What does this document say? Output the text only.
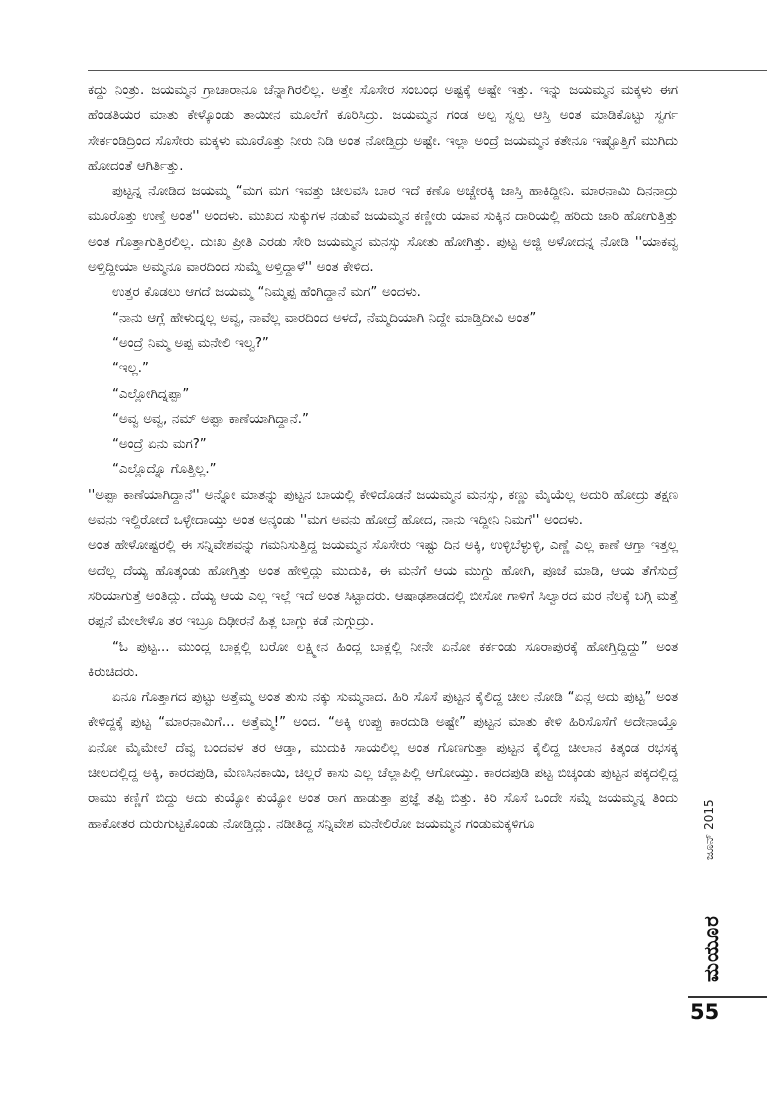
ಕದ್ದು ನಿಂತ್ರು. ಜಯಮ್ಮನ ಗ್ರಾಚಾರಾನೂ ಚೆನ್ನಾಗಿರಲಿಲ್ಲ. ಅತ್ತೇ ಸೊಸೇರ ಸಂಬಂಧ ಅಷ್ಟಕ್ಕೆ ಅಷ್ಟೇ ಇತ್ತು. ಇನ್ನು ಜಯಮ್ಮನ ಮಕ್ಕಳು ಈಗ ಹೆಂಡತಿಯರ ಮಾತು ಕೇಳ್ಕೊಂಡು ತಾಯೀನ ಮೂಲೆಗೆ ಕೂರಿಸಿದ್ರು. ಜಯಮ್ಮನ ಗಂಡ ಅಲ್ಪ ಸ್ವಲ್ಪ ಆಸ್ತಿ ಅಂತ ಮಾಡಿಕೊಟ್ಟು ಸ್ವರ್ಗ ಸೇರ್ಕಂಡಿದ್ರಿಂದ ಸೊಸೇರು ಮಕ್ಕಳು ಮೂರೊತ್ತು ನೀರು ನಿಡಿ ಅಂತ ನೋಡ್ತಿದ್ರು ಅಷ್ಟೇ. ಇಲ್ಲಾ ಅಂದ್ರೆ ಜಯಮ್ಮನ ಕತೇನೂ ಇಷ್ಟೊತ್ತಿಗೆ ಮುಗಿದು ಹೋದಂತೆ ಆಗಿರ್ತಿತ್ತು.

ಪುಟ್ಟನ್ನ ನೋಡಿದ ಜಯಮ್ಮ “ಮಗ ಮಗ ಇವತ್ತು ಚೀಲವಸಿ ಬಾರ ಇದೆ ಕಣೊ ಅಚ್ಚೇರಕ್ಕಿ ಜಾಸ್ತಿ ಹಾಕಿದ್ದೀನಿ. ಮಾರನಾಮಿ ದಿನನಾದ್ರು ಮೂರೊತ್ತು ಉಣ್ತೆ ಅಂತ'' ಅಂದಳು. ಮುಖದ ಸುಕ್ಕುಗಳ ನಡುವೆ ಜಯಮ್ಮನ ಕಣ್ಣೀರು ಯಾವ ಸುಕ್ಕಿನ ದಾರಿಯಲ್ಲಿ ಹರಿದು ಜಾರಿ ಹೋಗುತ್ತಿತ್ತು ಅಂತ ಗೊತ್ತಾಗುತ್ತಿರಲಿಲ್ಲ. ದುಃಖ ಪ್ರೀತಿ ಎರಡು ಸೇರಿ ಜಯಮ್ಮನ ಮನಸ್ಸು ಸೋತು ಹೋಗಿತ್ತು. ಪುಟ್ಟ ಅಜ್ಜಿ ಅಳೋದನ್ನ ನೋಡಿ ''ಯಾಕವ್ವ ಅಳ್ತಿದ್ದೀಯಾ ಅಮ್ಮನೂ ವಾರದಿಂದ ಸುಮ್ಮೆ ಅಳ್ತಿದ್ದಾಳೆ'' ಅಂತ ಕೇಳಿದ.

ಉತ್ತರ ಕೊಡಲು ಆಗದೆ ಜಯಮ್ಮ “ನಿಮ್ಮಪ್ಪ ಹೆಂಗಿದ್ದಾನೆ ಮಗ” ಅಂದಳು.

“ನಾನು ಆಗ್ಲೆ ಹೇಳುದ್ನಲ್ಲ ಅವ್ವ, ನಾವೆಲ್ಲ ವಾರದಿಂದ ಅಳದೆ, ನೆಮ್ಮದಿಯಾಗಿ ನಿದ್ದೇ ಮಾಡ್ತಿದೀವಿ ಅಂತ”

“ಅಂದ್ರೆ ನಿಮ್ಮ ಅಪ್ಪ ಮನೇಲಿ ಇಲ್ವ?”

“ಇಲ್ಲ.”

“ಎಲ್ಲೋಗಿದ್ನಪ್ಪಾ”

“ಅವ್ವ ಅವ್ವ, ನಮ್ ಅಪ್ಪಾ ಕಾಣೆಯಾಗಿದ್ದಾನೆ.”

“ಅಂದ್ರೆ ಏನು ಮಗ?”

“ಎಲ್ಲೊದ್ನೊ ಗೊತ್ತಿಲ್ಲ.”

''ಅಪ್ಪಾ ಕಾಣೆಯಾಗಿದ್ದಾನೆ'' ಅನ್ನೋ ಮಾತನ್ನು ಪುಟ್ಟನ ಬಾಯಲ್ಲಿ ಕೇಳಿದೊಡನೆ ಜಯಮ್ಮನ ಮನಸ್ಸು, ಕಣ್ಣು ಮೈಯೆಲ್ಲ ಅದುರಿ ಹೋದ್ರು ತಕ್ಷಣ ಅವನು ಇಲ್ದಿರೋದೆ ಒಳ್ಳೇದಾಯ್ತು ಅಂತ ಅನ್ಕಂಡು ''ಮಗ ಅವನು ಹೋದ್ರೆ ಹೋದ, ನಾನು ಇದ್ದೀನಿ ನಿಮಗೆ'' ಅಂದಳು.

ಅಂತ ಹೇಳೋಷ್ಟರಲ್ಲಿ ಈ ಸನ್ನಿವೇಶವನ್ನು ಗಮನಿಸುತ್ತಿದ್ದ ಜಯಮ್ಮನ ಸೊಸೇರು ಇಷ್ಟು ದಿನ ಅಕ್ಕಿ, ಉಳ್ಳಿಬೆಳ್ಳುಳ್ಳಿ, ಎಣ್ಣೆ ಎಲ್ಲ ಕಾಣೆ ಆಗ್ತಾ ಇತ್ತಲ್ಲ ಅದೆಲ್ಲ ದೆಯ್ಯ ಹೊತ್ಕಂಡು ಹೋಗ್ತಿತ್ತು ಅಂತ ಹೇಳ್ತಿದ್ಲು ಮುದುಕಿ, ಈ ಮನೆಗೆ ಆಯ ಮುಗ್ದು ಹೋಗಿ, ಪೂಜೆ ಮಾಡಿ, ಆಯ ತೆಗೆಸುದ್ರೆ ಸರಿಯಾಗುತ್ತೆ ಅಂತಿದ್ಲು. ದೆಯ್ಯ ಆಯ ಎಲ್ಲ ಇಲ್ಲೆ ಇದೆ ಅಂತ ಸಿಟ್ಟಾದರು. ಆಷಾಢಶಾಡದಲ್ಲಿ ಬೀಸೋ ಗಾಳಿಗೆ ಸಿಲ್ವಾರದ ಮರ ನೆಲಕ್ಕೆ ಬಗ್ಗಿ ಮತ್ತೆ ರಪ್ಪನೆ ಮೇಲೇಳೊ ತರ ಇಬ್ರೂ ದಿಢೀರನೆ ಹಿತ್ಲ ಬಾಗ್ಲು ಕಡೆ ನುಗ್ಗುದ್ರು.

“ಓ ಪುಟ್ಟ... ಮುಂದ್ಲ ಬಾಕ್ಲಲ್ಲಿ ಬರೋ ಲಕ್ಷ್ಮೀನ ಹಿಂದ್ಲ ಬಾಕ್ಲಲ್ಲಿ ನೀನೇ ಏನೋ ಕರ್ಕಂಡು ಸೂರಾಪುರಕ್ಕೆ ಹೋಗ್ತಿದ್ದಿದ್ದು” ಅಂತ ಕಿರುಚಿದರು.

ಏನೂ ಗೊತ್ತಾಗದ ಪುಟ್ಟು ಅತ್ತೆಮ್ಮ ಅಂತ ತುಸು ನಕ್ಕು ಸುಮ್ಮನಾದ. ಹಿರಿ ಸೊಸೆ ಪುಟ್ಟನ ಕೈಲಿದ್ದ ಚೀಲ ನೋಡಿ “ಏನ್ಲ ಅದು ಪುಟ್ಟ” ಅಂತ ಕೇಳಿದ್ದಕ್ಕೆ ಪುಟ್ಟ “ಮಾರನಾಮಿಗೆ... ಅತ್ತೆಮ್ಮ!” ಅಂದ. “ಅಕ್ಕಿ ಉಪ್ಪು ಕಾರದುಡಿ ಅಷ್ಟೇ” ಪುಟ್ಟನ ಮಾತು ಕೇಳಿ ಹಿರಿಸೊಸೆಗೆ ಅದೇನಾಯ್ತೊ ಏನೋ ಮೈಮೇಲೆ ದೆವ್ವ ಬಂದವಳ ತರ ಆಡ್ತಾ, ಮುದುಕಿ ಸಾಯಲಿಲ್ಲ ಅಂತ ಗೊಣಗುತ್ತಾ ಪುಟ್ಟನ ಕೈಲಿದ್ದ ಚೀಲಾನ ಕಿತ್ಕಂಡ ರಭಸಕ್ಕ ಚೀಲದಲ್ಲಿದ್ದ ಅಕ್ಕಿ, ಕಾರದಪುಡಿ, ಮೆಣಸಿನಕಾಯಿ, ಚಿಲ್ಲರೆ ಕಾಸು ಎಲ್ಲ ಚೆಲ್ಲಾಪಿಲ್ಲಿ ಆಗೋಯ್ತು. ಕಾರದಪುಡಿ ಪಟ್ಟ ಬಿಚ್ಕಂಡು ಪುಟ್ಟನ ಪಕ್ಕದಲ್ಲಿದ್ದ ರಾಮು ಕಣ್ಣಿಗೆ ಬಿದ್ದು ಅದು ಕುಯ್ಯೋ ಕುಯ್ಯೋ ಅಂತ ರಾಗ ಹಾಡುತ್ತಾ ಪ್ರಜ್ಞೆ ತಪ್ಪಿ ಬಿತ್ತು. ಕಿರಿ ಸೊಸೆ ಒಂದೇ ಸಮ್ನೆ ಜಯಮ್ಮನ್ನ ತಿಂದು ಹಾಕೋತರ ದುರುಗುಟ್ಟಕೊಂಡು ನೋಡ್ತಿದ್ಲು. ನಡೀತಿದ್ದ ಸನ್ನಿವೇಶ ಮನೇಲಿರೋ ಜಯಮ್ಮನ ಗಂಡುಮಕ್ಕಳಿಗೂ	ಜೂನ್ 2015
ಮಯೂರ
55
